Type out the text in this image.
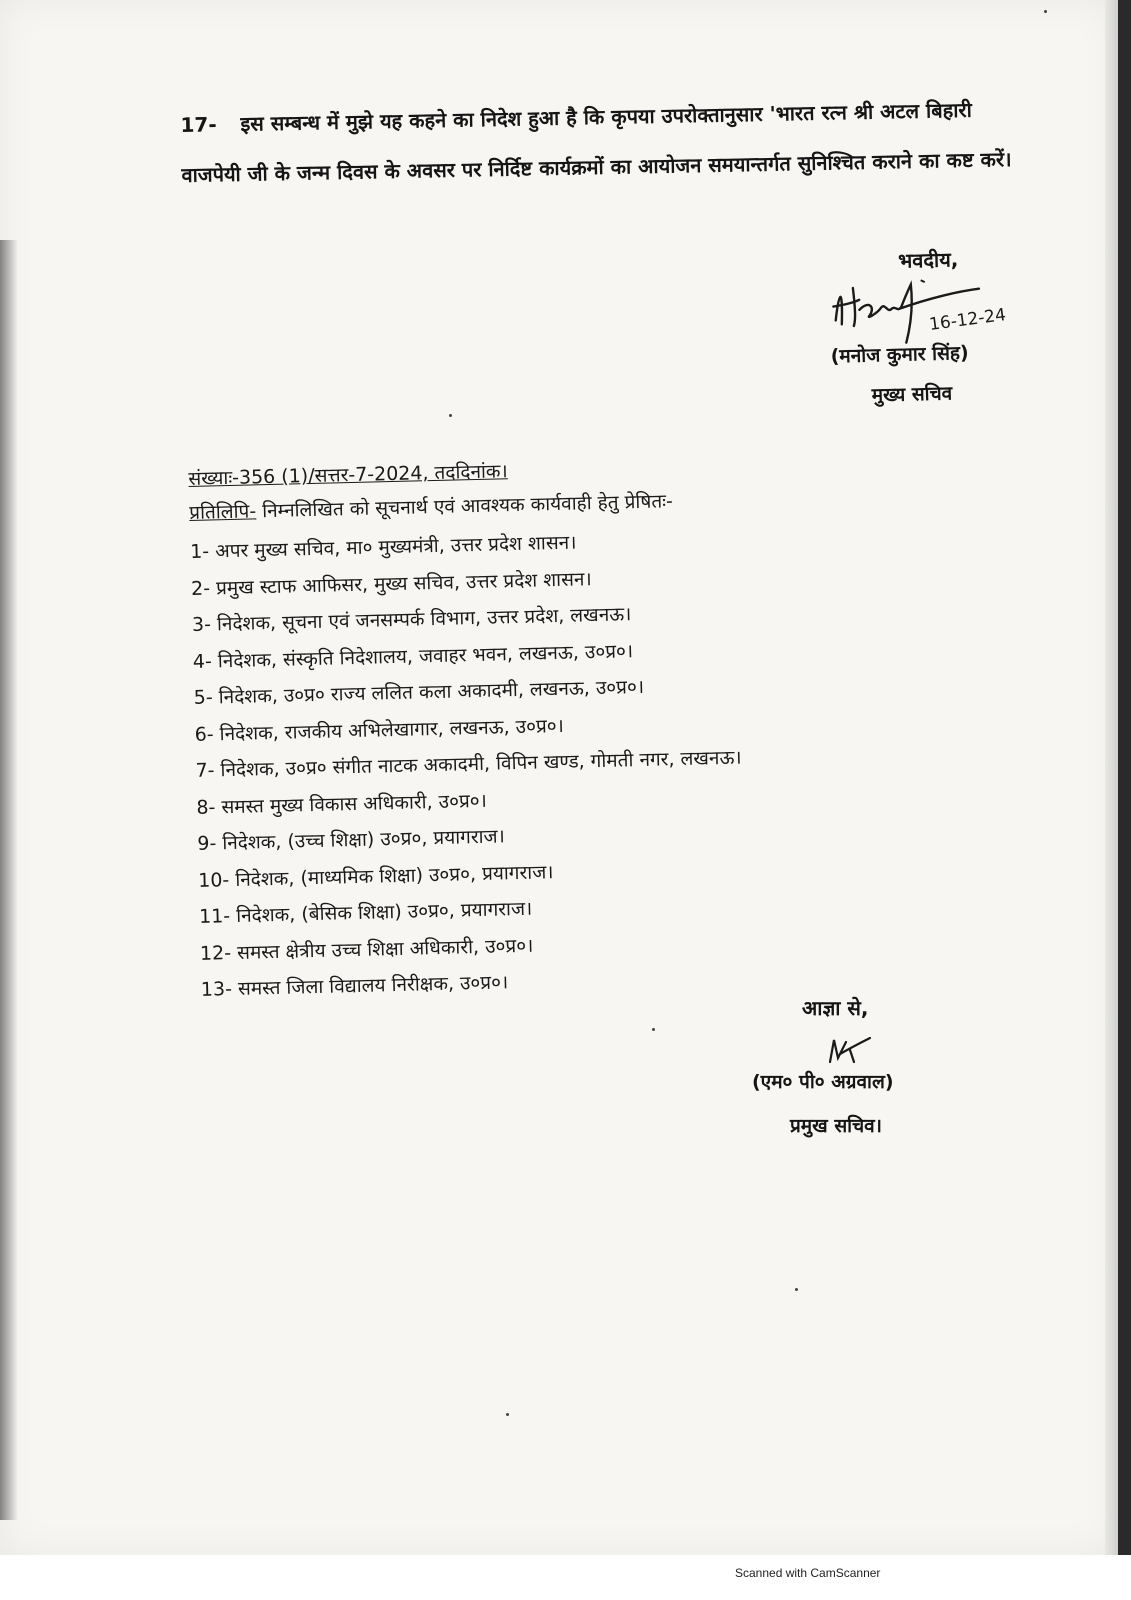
17- इस सम्बन्ध में मुझे यह कहने का निदेश हुआ है कि कृपया उपरोक्तानुसार 'भारत रत्न श्री अटल बिहारी वाजपेयी जी के जन्म दिवस के अवसर पर निर्दिष्ट कार्यक्रमों का आयोजन समयान्तर्गत सुनिश्चित कराने का कष्ट करें।
भवदीय,
16-12-24
(मनोज कुमार सिंह)
मुख्य सचिव
संख्याः-356 (1)/सत्तर-7-2024, तददिनांक।
प्रतिलिपि- निम्नलिखित को सूचनार्थ एवं आवश्यक कार्यवाही हेतु प्रेषितः-
1- अपर मुख्य सचिव, मा० मुख्यमंत्री, उत्तर प्रदेश शासन।
2- प्रमुख स्टाफ आफिसर, मुख्य सचिव, उत्तर प्रदेश शासन।
3- निदेशक, सूचना एवं जनसम्पर्क विभाग, उत्तर प्रदेश, लखनऊ।
4- निदेशक, संस्कृति निदेशालय, जवाहर भवन, लखनऊ, उ०प्र०।
5- निदेशक, उ०प्र० राज्य ललित कला अकादमी, लखनऊ, उ०प्र०।
6- निदेशक, राजकीय अभिलेखागार, लखनऊ, उ०प्र०।
7- निदेशक, उ०प्र० संगीत नाटक अकादमी, विपिन खण्ड, गोमती नगर, लखनऊ।
8- समस्त मुख्य विकास अधिकारी, उ०प्र०।
9- निदेशक, (उच्च शिक्षा) उ०प्र०, प्रयागराज।
10- निदेशक, (माध्यमिक शिक्षा) उ०प्र०, प्रयागराज।
11- निदेशक, (बेसिक शिक्षा) उ०प्र०, प्रयागराज।
12- समस्त क्षेत्रीय उच्च शिक्षा अधिकारी, उ०प्र०।
13- समस्त जिला विद्यालय निरीक्षक, उ०प्र०।
आज्ञा से,
(एम० पी० अग्रवाल)
प्रमुख सचिव।
Scanned with CamScanner
